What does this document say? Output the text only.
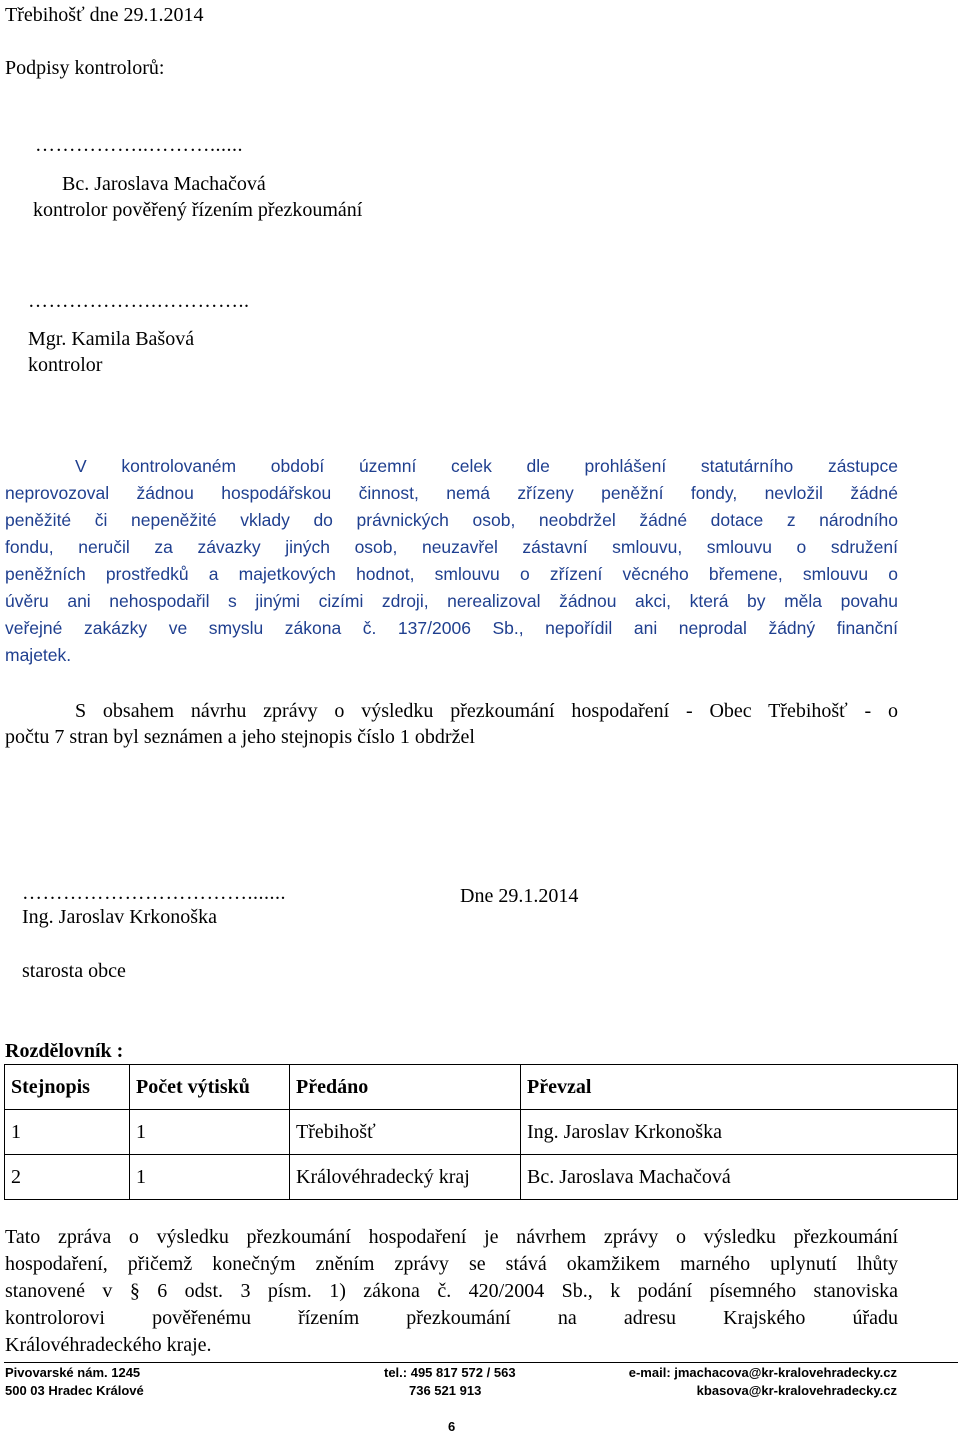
Třebihošť dne 29.1.2014
Podpisy kontrolorů:
……………..………......
Bc. Jaroslava Machačová
kontrolor pověřený řízením přezkoumání
……………….…………..
Mgr. Kamila Bašová
kontrolor
V kontrolovaném období územní celek dle prohlášení statutárního zástupce
neprovozoval žádnou hospodářskou činnost, nemá zřízeny peněžní fondy, nevložil žádné
peněžité či nepeněžité vklady do právnických osob, neobdržel žádné dotace z národního
fondu, neručil za závazky jiných osob, neuzavřel zástavní smlouvu, smlouvu o sdružení
peněžních prostředků a majetkových hodnot, smlouvu o zřízení věcného břemene, smlouvu o
úvěru ani nehospodařil s jinými cizími zdroji, nerealizoval žádnou akci, která by měla povahu
veřejné zakázky ve smyslu zákona č. 137/2006 Sb., nepořídil ani neprodal žádný finanční
majetek.
S obsahem návrhu zprávy o výsledku přezkoumání hospodaření - Obec Třebihošť - o
počtu 7 stran byl seznámen a jeho stejnopis číslo 1 obdržel
…………………………….......	Dne 29.1.2014
Ing. Jaroslav Krkonoška
starosta obce
Rozdělovník :
Stejnopis	Počet výtisků	Předáno	Převzal
1	1	Třebihošť	Ing. Jaroslav Krkonoška
2	1	Královéhradecký kraj	Bc. Jaroslava Machačová
Tato zpráva o výsledku přezkoumání hospodaření je návrhem zprávy o výsledku přezkoumání
hospodaření, přičemž konečným zněním zprávy se stává okamžikem marného uplynutí lhůty
stanovené v § 6 odst. 3 písm. 1) zákona č. 420/2004 Sb., k podání písemného stanoviska
kontrolorovi pověřenému řízením přezkoumání na adresu Krajského úřadu
Královéhradeckého kraje.
Pivovarské nám. 1245
500 03 Hradec Králové
tel.: 495 817 572 / 563
736 521 913
e-mail: jmachacova@kr-kralovehradecky.cz
kbasova@kr-kralovehradecky.cz
6
